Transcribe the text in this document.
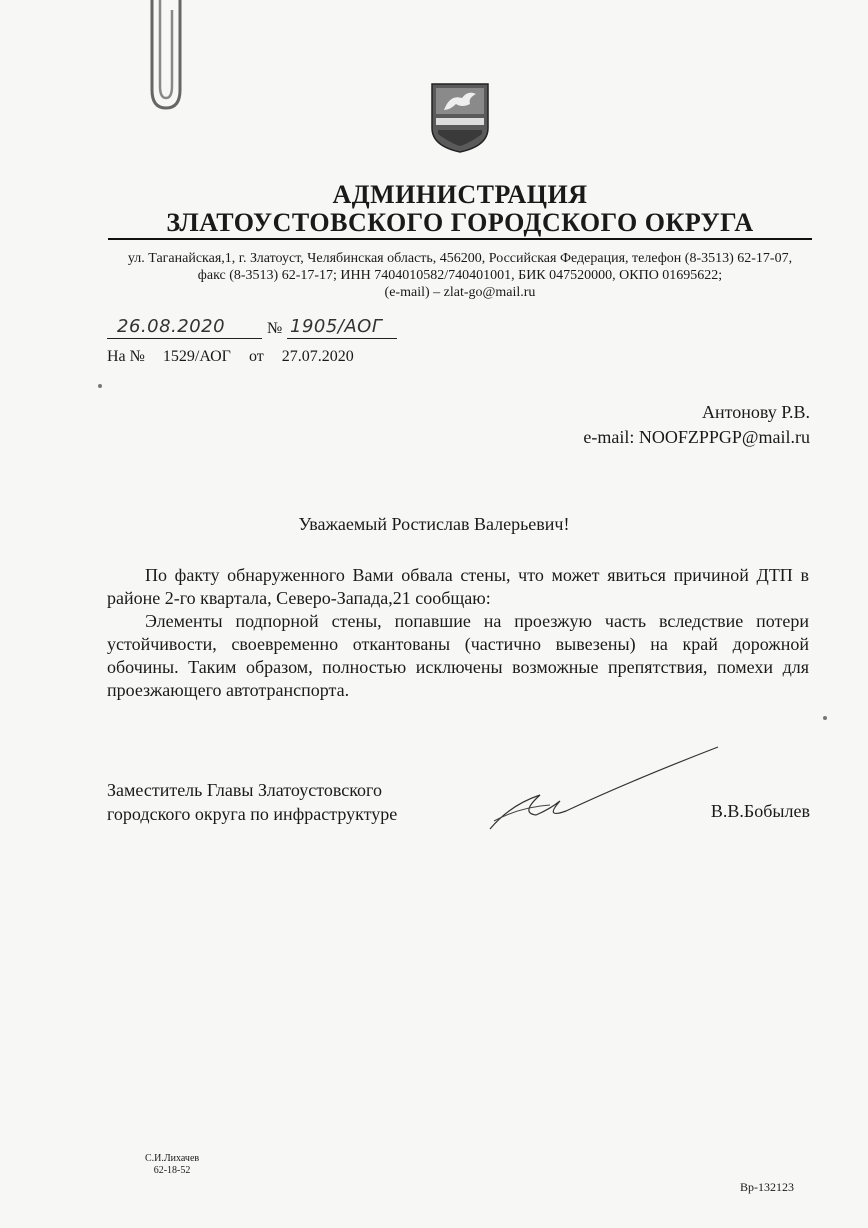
АДМИНИСТРАЦИЯ
ЗЛАТОУСТОВСКОГО ГОРОДСКОГО ОКРУГА
ул. Таганайская,1, г. Златоуст, Челябинская область, 456200, Российская Федерация, телефон (8-3513) 62-17-07,
факс (8-3513) 62-17-17; ИНН 7404010582/740401001, БИК 047520000, ОКПО 01695622;
(e-mail) – zlat-go@mail.ru
26.08.2020	№ 1905/АОГ
На № 1529/АОГ от 27.07.2020
Антонову Р.В.
e-mail: NOOFZPPGP@mail.ru
Уважаемый Ростислав Валерьевич!

По факту обнаруженного Вами обвала стены, что может явиться причиной ДТП в районе 2-го квартала, Северо-Запада,21 сообщаю:

Элементы подпорной стены, попавшие на проезжую часть вследствие потери устойчивости, своевременно откантованы (частично вывезены) на край дорожной обочины. Таким образом, полностью исключены возможные препятствия, помехи для проезжающего автотранспорта.

Заместитель Главы Златоустовского
городского округа по инфраструктуре	В.В.Бобылев
С.И.Лихачев
62-18-52
Вр-132123
